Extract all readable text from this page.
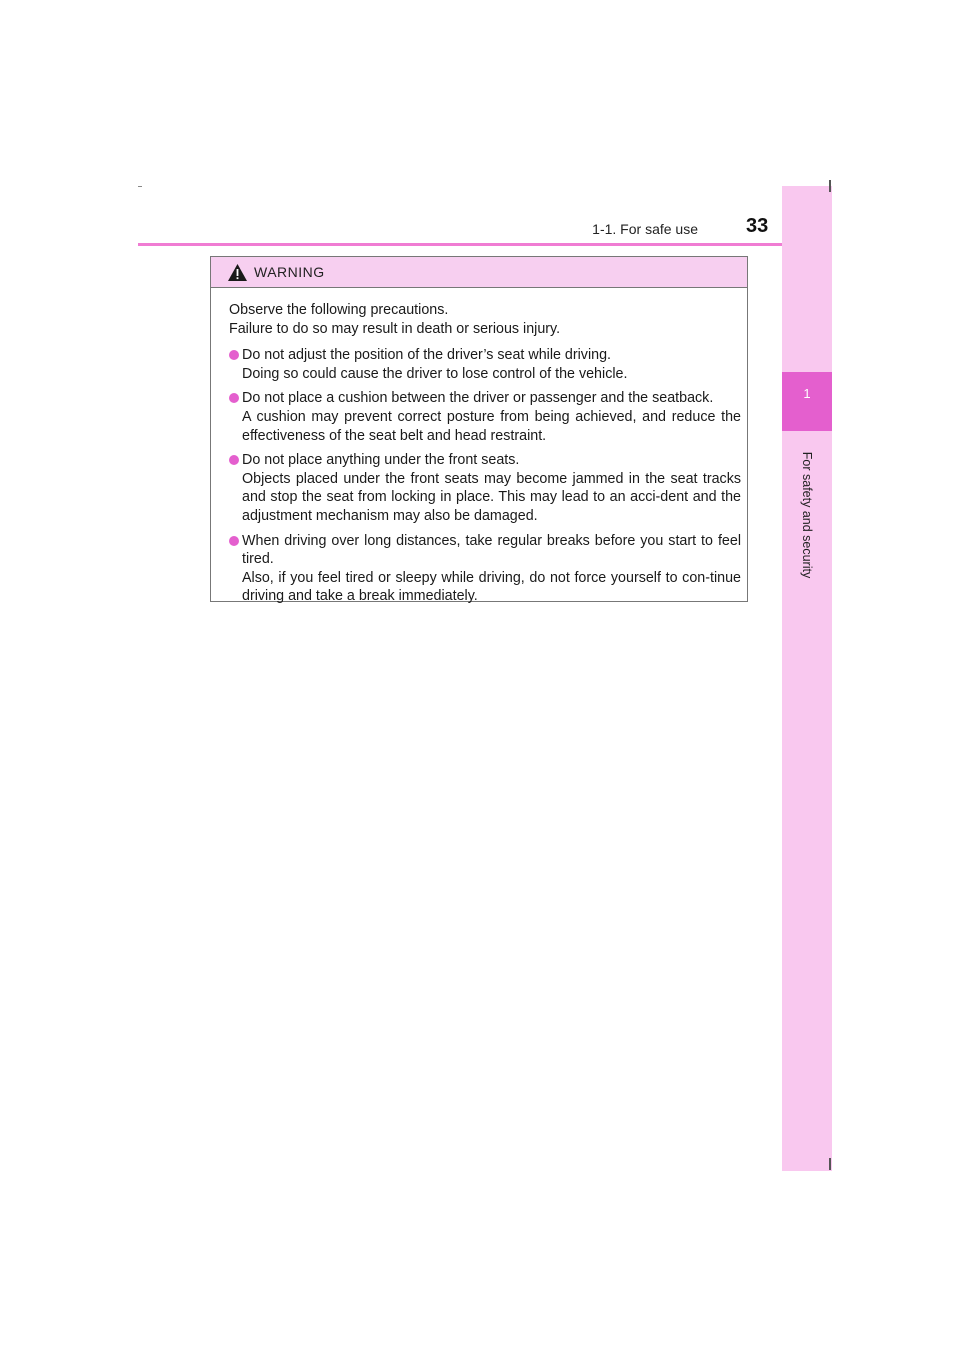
1-1. For safe use 33
1
For safety and security
WARNING
Observe the following precautions.
Failure to do so may result in death or serious injury.
Do not adjust the position of the driver’s seat while driving.
Doing so could cause the driver to lose control of the vehicle.
Do not place a cushion between the driver or passenger and the seatback.
A cushion may prevent correct posture from being achieved, and reduce the effectiveness of the seat belt and head restraint.
Do not place anything under the front seats.
Objects placed under the front seats may become jammed in the seat tracks and stop the seat from locking in place. This may lead to an acci-dent and the adjustment mechanism may also be damaged.
When driving over long distances, take regular breaks before you start to feel tired.
Also, if you feel tired or sleepy while driving, do not force yourself to con-tinue driving and take a break immediately.
